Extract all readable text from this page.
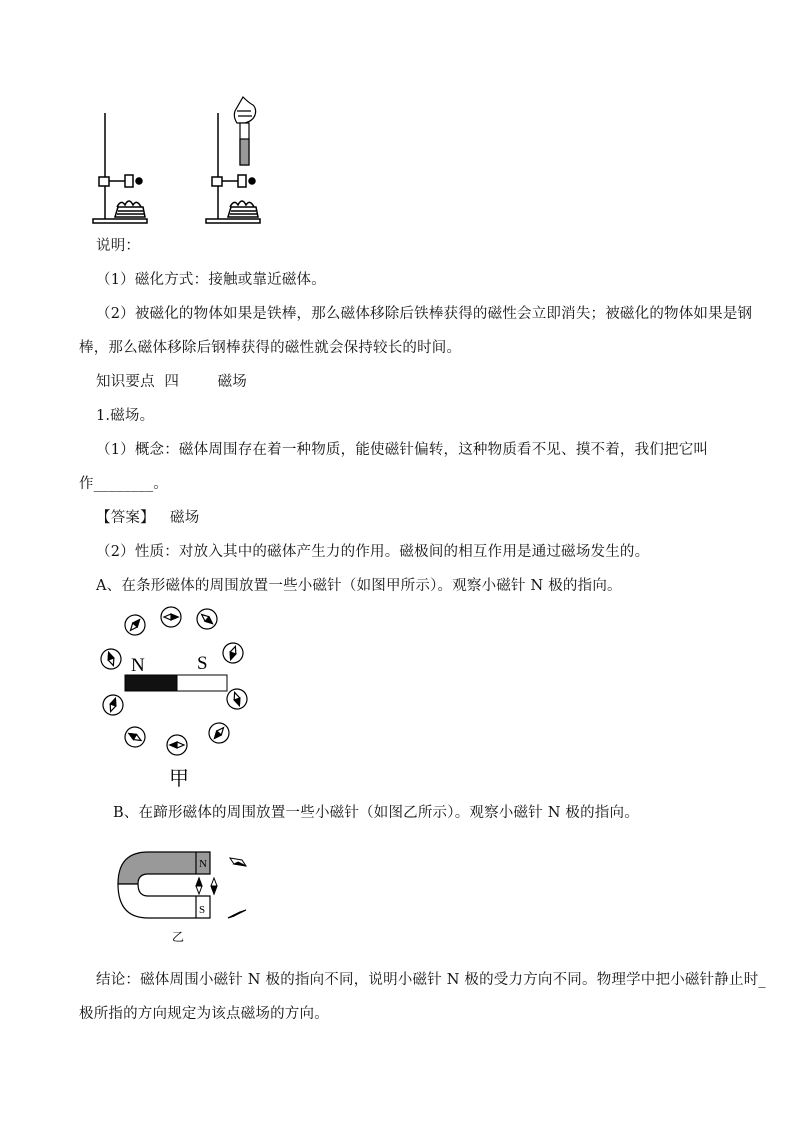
说明：
（1）磁化方式：接触或靠近磁体。
（2）被磁化的物体如果是铁棒，那么磁体移除后铁棒获得的磁性会立即消失；被磁化的物体如果是钢
棒，那么磁体移除后钢棒获得的磁性就会保持较长的时间。
知识要点  四        磁场
1.磁场。
（1）概念：磁体周围存在着一种物质，能使磁针偏转，这种物质看不见、摸不着，我们把它叫
作________。
【答案】 磁场
（2）性质：对放入其中的磁体产生力的作用。磁极间的相互作用是通过磁场发生的。
A、在条形磁体的周围放置一些小磁针（如图甲所示）。观察小磁针 N 极的指向。
N	S
甲
B、在蹄形磁体的周围放置一些小磁针（如图乙所示）。观察小磁针 N 极的指向。
N
S
乙
结论：磁体周围小磁针 N 极的指向不同，说明小磁针 N 极的受力方向不同。物理学中把小磁针静止时_
极所指的方向规定为该点磁场的方向。
